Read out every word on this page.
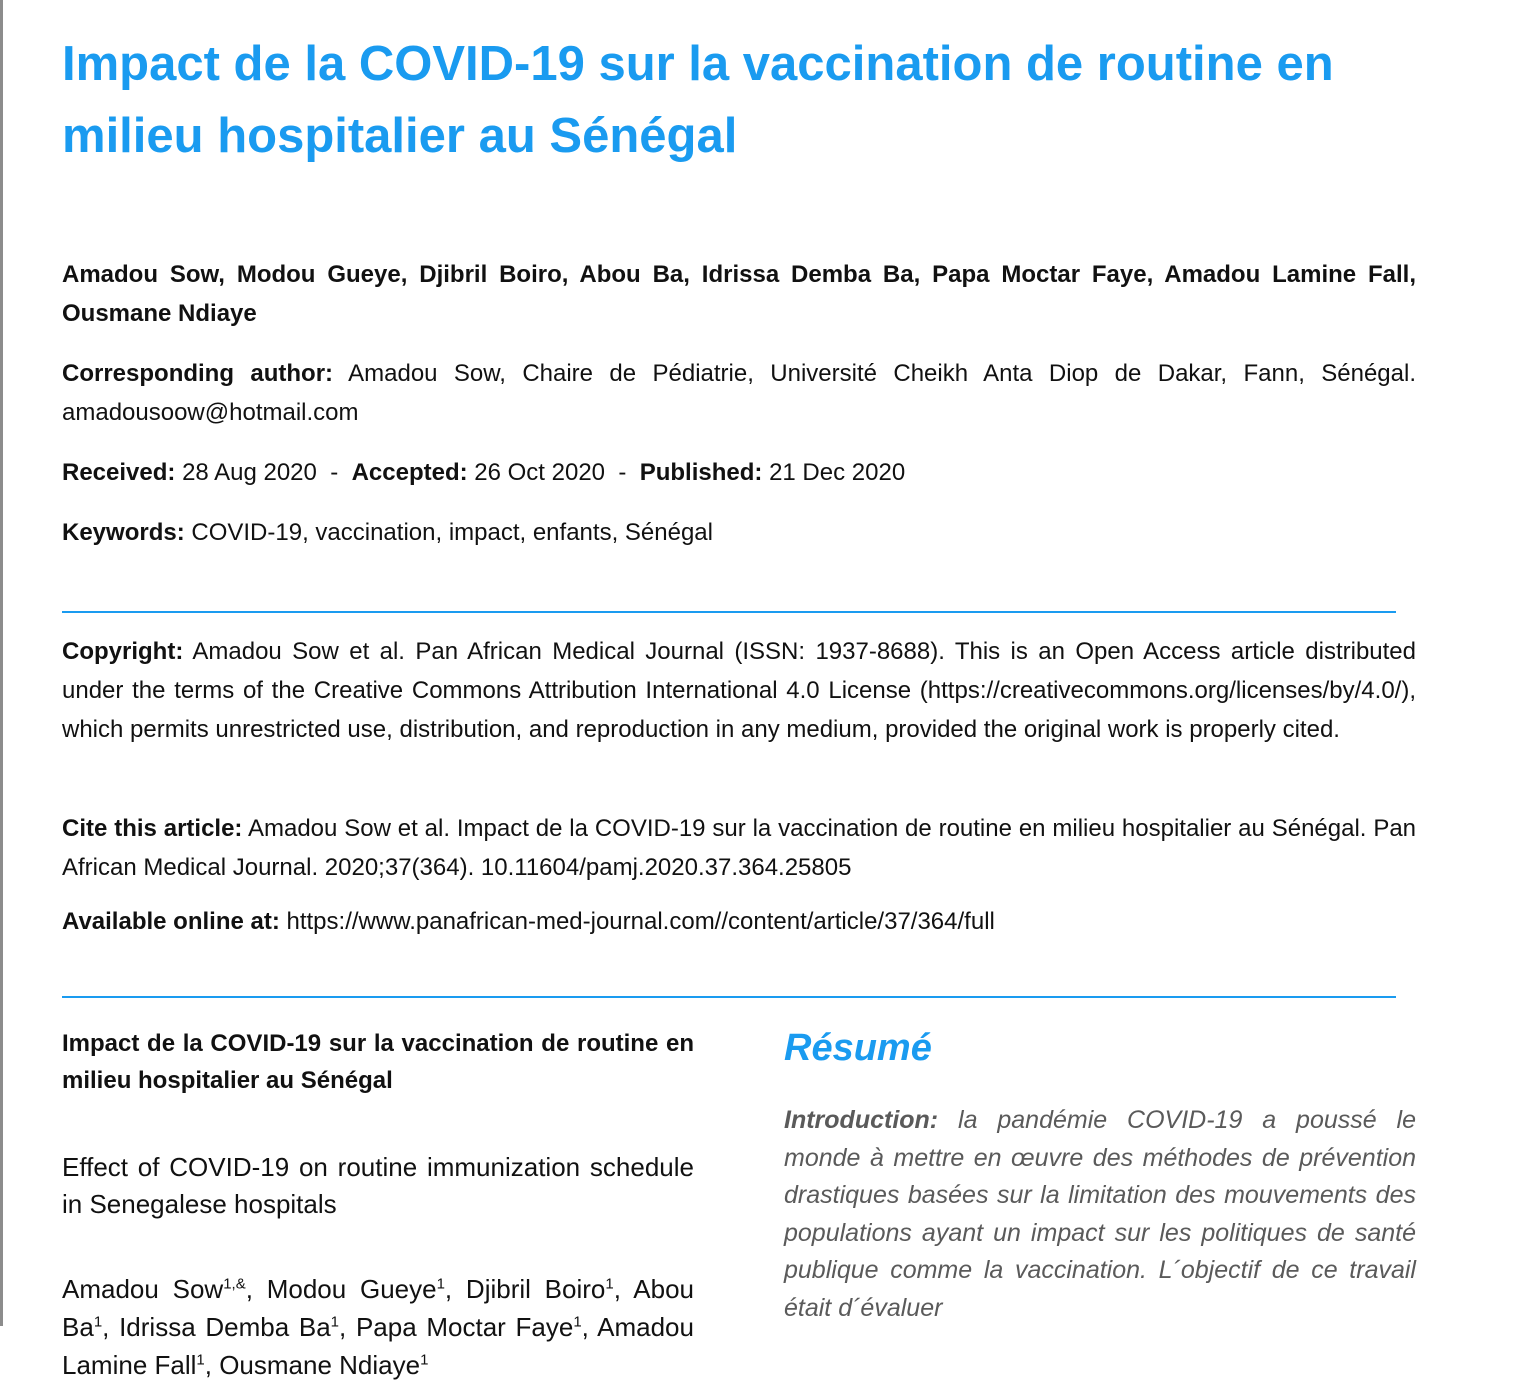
Impact de la COVID-19 sur la vaccination de routine en milieu hospitalier au Sénégal

Amadou Sow, Modou Gueye, Djibril Boiro, Abou Ba, Idrissa Demba Ba, Papa Moctar Faye, Amadou Lamine Fall, Ousmane Ndiaye

Corresponding author: Amadou Sow, Chaire de Pédiatrie, Université Cheikh Anta Diop de Dakar, Fann, Sénégal. amadousoow@hotmail.com

Received: 28 Aug 2020 - Accepted: 26 Oct 2020 - Published: 21 Dec 2020

Keywords: COVID-19, vaccination, impact, enfants, Sénégal

Copyright: Amadou Sow et al. Pan African Medical Journal (ISSN: 1937-8688). This is an Open Access article distributed under the terms of the Creative Commons Attribution International 4.0 License (https://creativecommons.org/licenses/by/4.0/), which permits unrestricted use, distribution, and reproduction in any medium, provided the original work is properly cited.

Cite this article: Amadou Sow et al. Impact de la COVID-19 sur la vaccination de routine en milieu hospitalier au Sénégal. Pan African Medical Journal. 2020;37(364). 10.11604/pamj.2020.37.364.25805

Available online at: https://www.panafrican-med-journal.com//content/article/37/364/full

Impact de la COVID-19 sur la vaccination de routine en milieu hospitalier au Sénégal

Effect of COVID-19 on routine immunization schedule in Senegalese hospitals
Amadou Sow$^{1,\&}$, Modou Gueye$^1$, Djibril Boiro$^1$, Abou Ba$^1$, Idrissa Demba Ba$^1$, Papa Moctar Faye$^1$, Amadou Lamine Fall$^1$, Ousmane Ndiaye$^1$
Résumé
Introduction: la pandémie COVID-19 a poussé le monde à mettre en œuvre des méthodes de prévention drastiques basées sur la limitation des mouvements des populations ayant un impact sur les politiques de santé publique comme la vaccination. L´objectif de ce travail était d´évaluer
